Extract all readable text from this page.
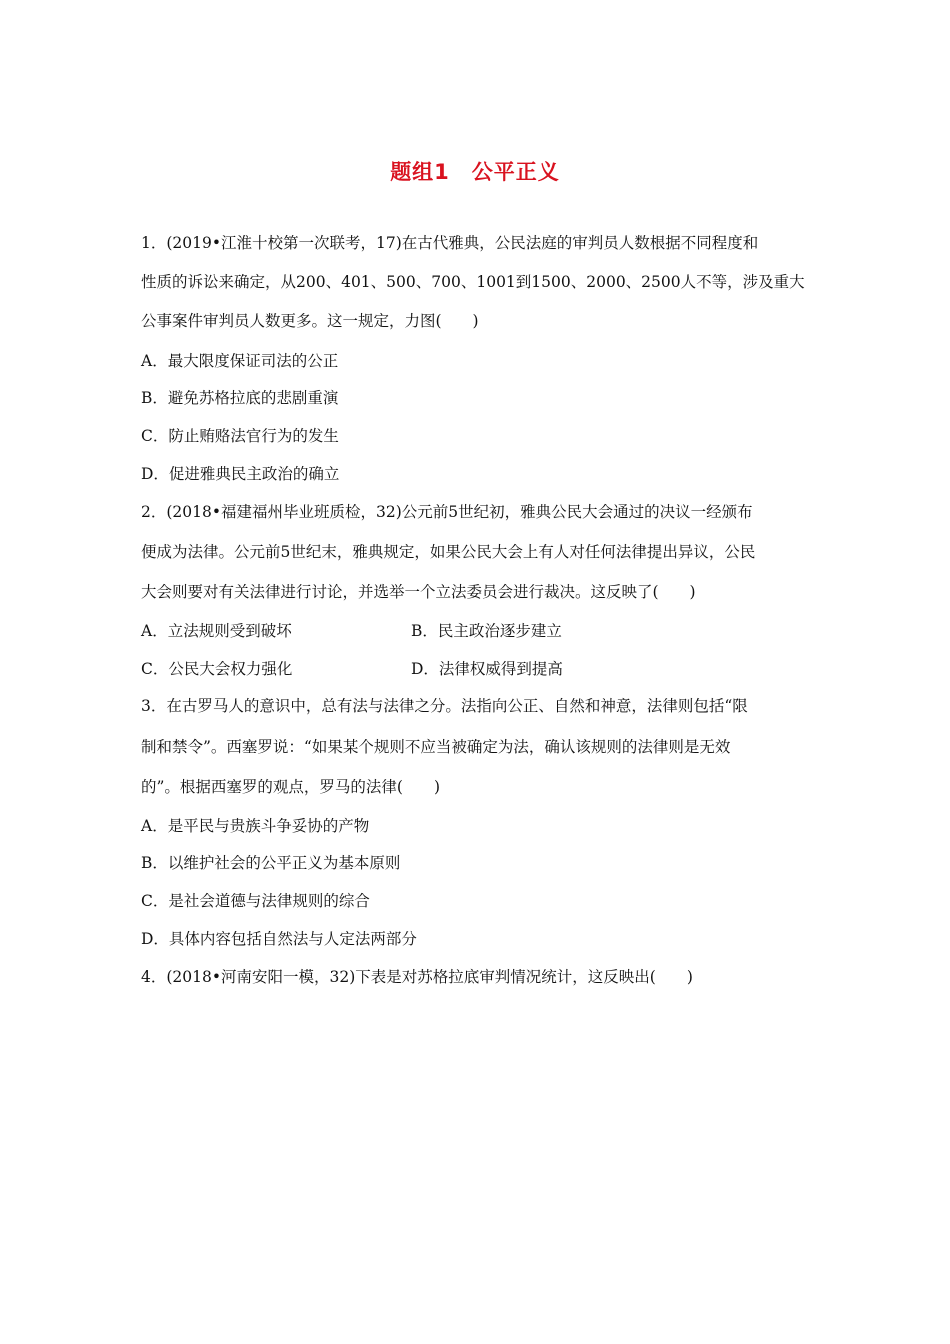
题组1　公平正义
1．(2019•江淮十校第一次联考，17)在古代雅典，公民法庭的审判员人数根据不同程度和
性质的诉讼来确定，从200、401、500、700、1001到1500、2000、2500人不等，涉及重大
公事案件审判员人数更多。这一规定，力图(　　)
A．最大限度保证司法的公正
B．避免苏格拉底的悲剧重演
C．防止贿赂法官行为的发生
D．促进雅典民主政治的确立
2．(2018•福建福州毕业班质检，32)公元前5世纪初，雅典公民大会通过的决议一经颁布
便成为法律。公元前5世纪末，雅典规定，如果公民大会上有人对任何法律提出异议，公民
大会则要对有关法律进行讨论，并选举一个立法委员会进行裁决。这反映了(　　)
A．立法规则受到破坏	B．民主政治逐步建立
C．公民大会权力强化	D．法律权威得到提高
3．在古罗马人的意识中，总有法与法律之分。法指向公正、自然和神意，法律则包括“限
制和禁令”。西塞罗说：“如果某个规则不应当被确定为法，确认该规则的法律则是无效
的”。根据西塞罗的观点，罗马的法律(　　)
A．是平民与贵族斗争妥协的产物
B．以维护社会的公平正义为基本原则
C．是社会道德与法律规则的综合
D．具体内容包括自然法与人定法两部分
4．(2018•河南安阳一模，32)下表是对苏格拉底审判情况统计，这反映出(　　)
